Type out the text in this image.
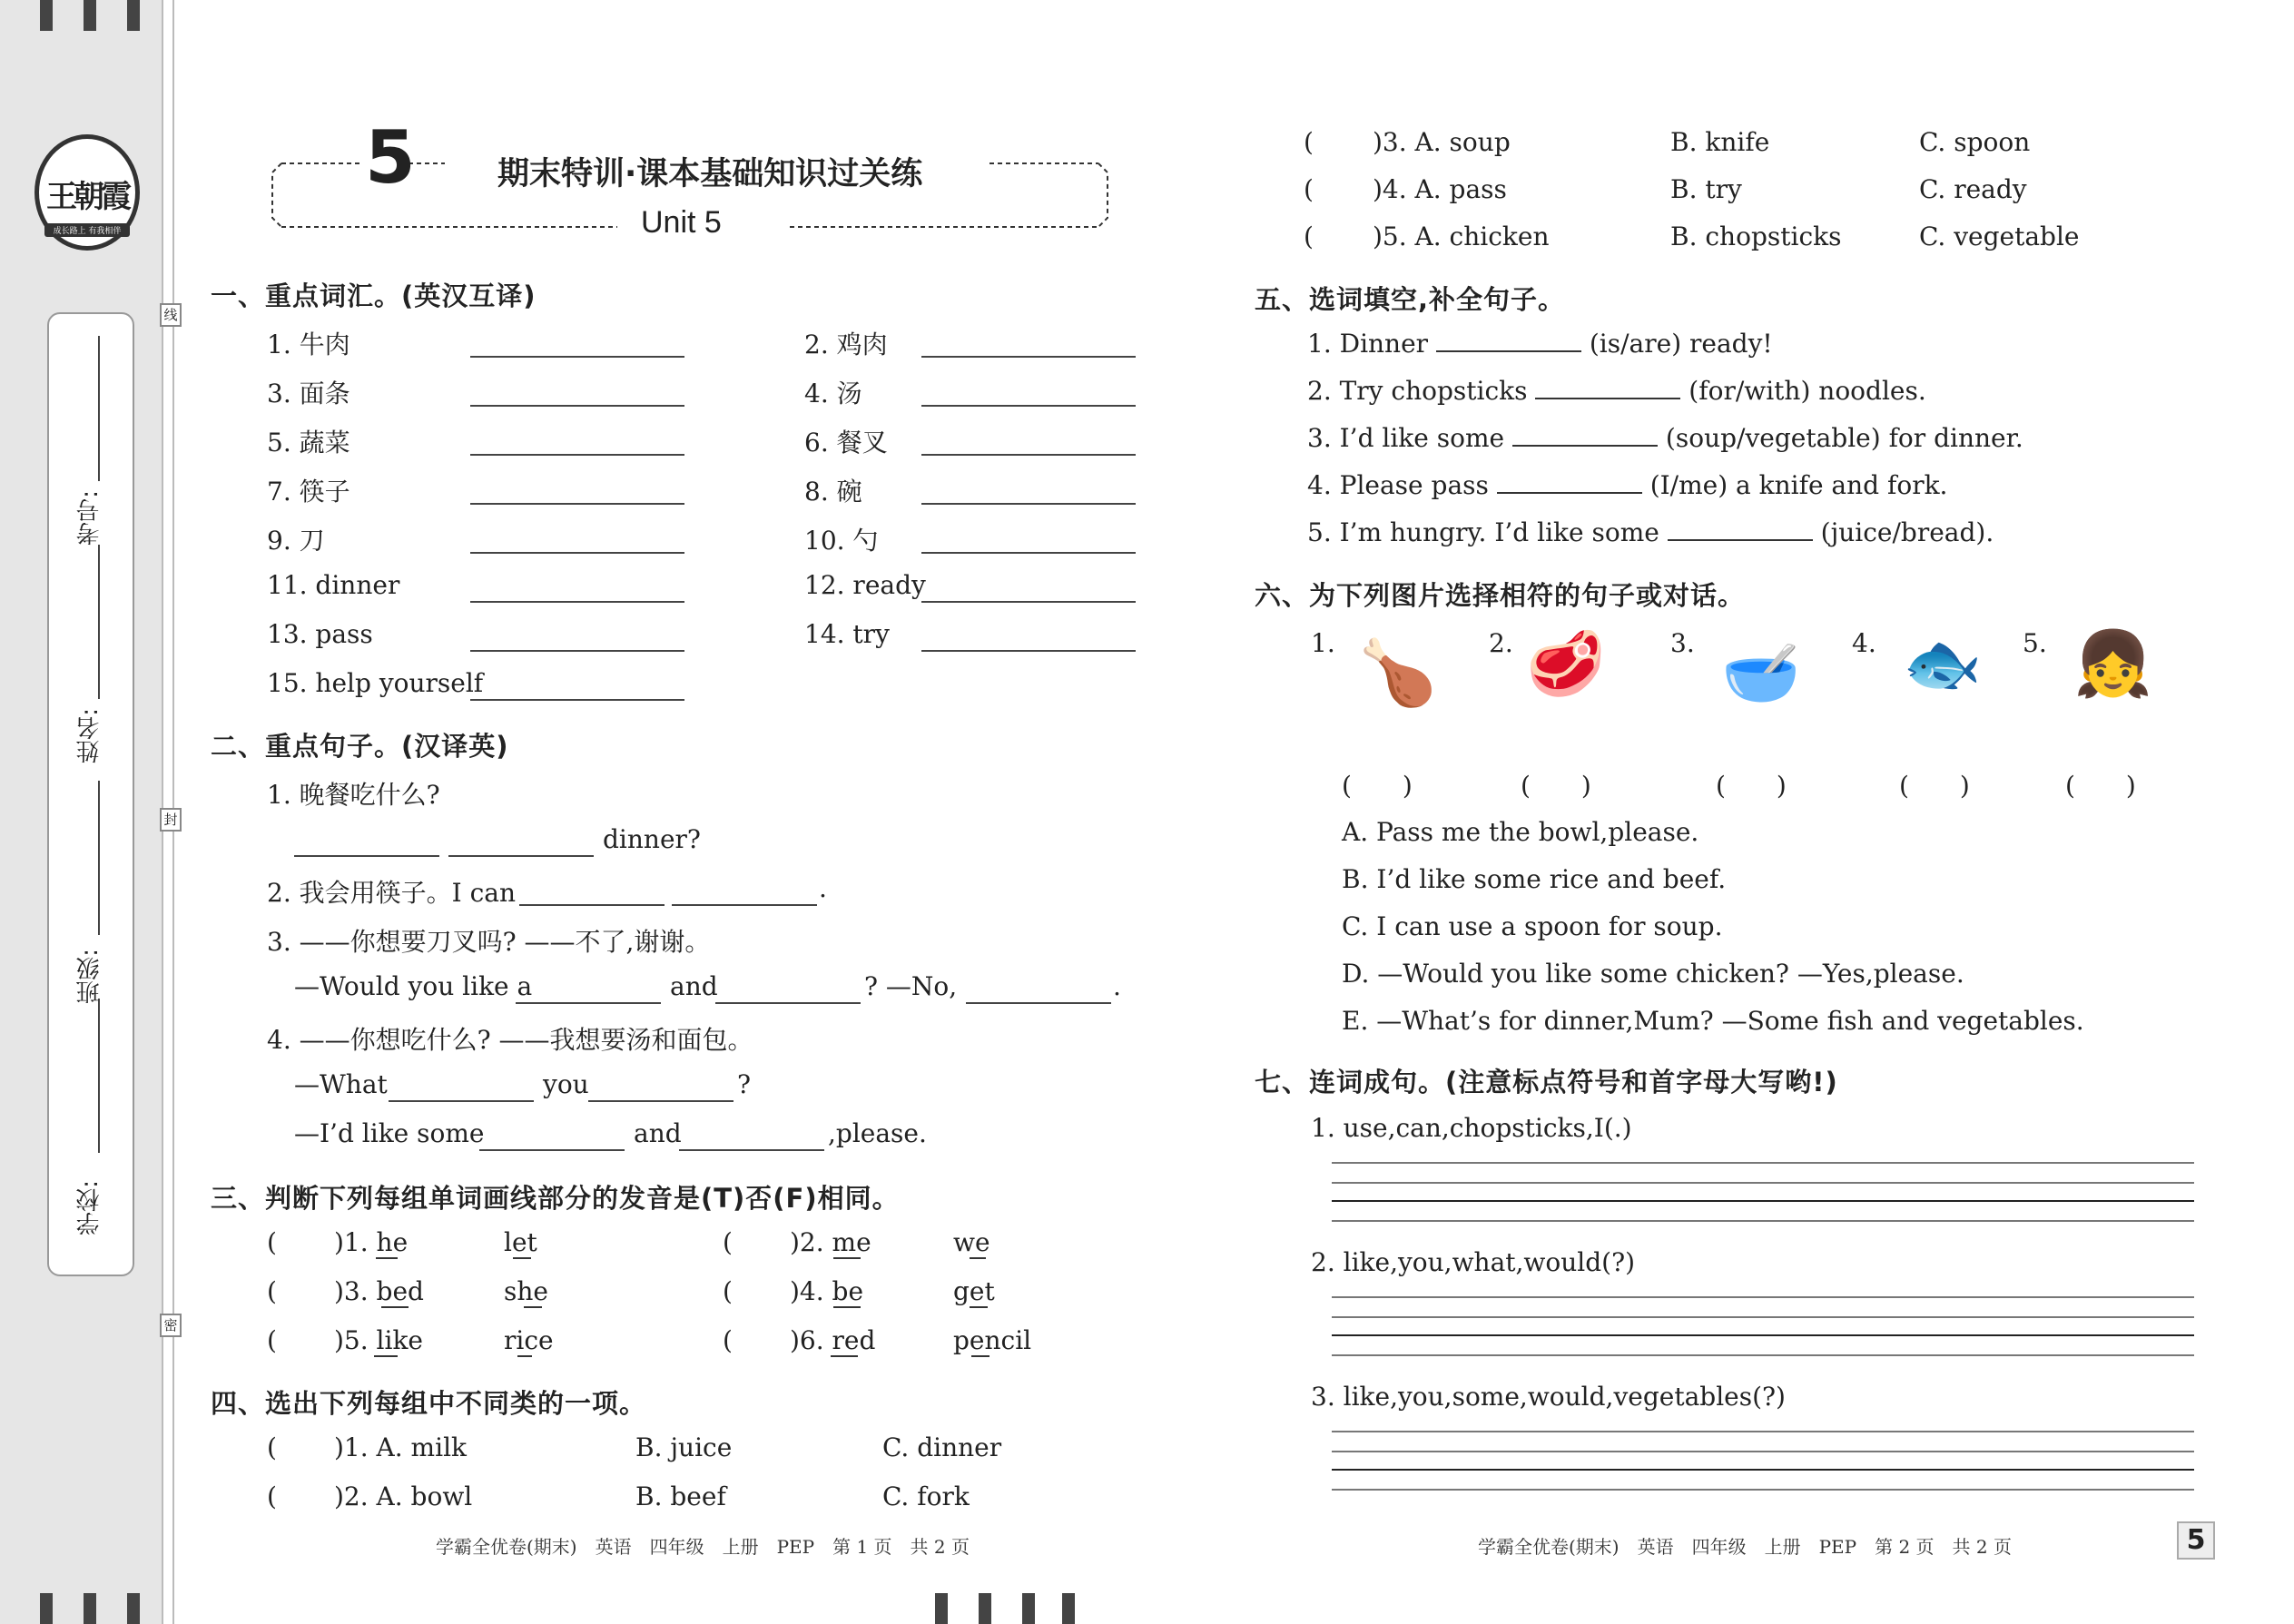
王朝霞
成长路上 有我相伴
学校:
班级:
姓名:
考号:
线
封
密
5	期末特训·课本基础知识过关练
Unit 5
一、重点词汇。(英汉互译)
1. 牛肉	2. 鸡肉
3. 面条	4. 汤
5. 蔬菜	6. 餐叉
7. 筷子	8. 碗
9. 刀	10. 勺
11. dinner	12. ready
13. pass	14. try
15. help yourself
二、重点句子。(汉译英)
1. 晚餐吃什么?
dinner?
2. 我会用筷子。I can	.
3. ——你想要刀叉吗? ——不了,谢谢。
—Would you like a	and	? —No,	.
4. ——你想吃什么? ——我想要汤和面包。
—What	you	?
—I’d like some	and	,please.
三、判断下列每组单词画线部分的发音是(T)否(F)相同。
( )1. he	let	( )2. me	we
( )3. bed	she	( )4. be	get
( )5. like	rice	( )6. red	pencil
四、选出下列每组中不同类的一项。
( )1. A. milk	B. juice	C. dinner
( )2. A. bowl	B. beef	C. fork
( )3. A. soup	B. knife	C. spoon
( )4. A. pass	B. try	C. ready
( )5. A. chicken	B. chopsticks	C. vegetable
五、选词填空,补全句子。
1. Dinner	(is/are) ready!
2. Try chopsticks	(for/with) noodles.
3. I’d like some	(soup/vegetable) for dinner.
4. Please pass	(I/me) a knife and fork.
5. I’m hungry. I’d like some	(juice/bread).
六、为下列图片选择相符的句子或对话。
1. 🍗	2. 🥩	3. 🥣	4. 🐟	5. 👧
(　　)	(　　)	(　　)	(　　)	(　　)
A. Pass me the bowl,please.
B. I’d like some rice and beef.
C. I can use a spoon for soup.
D. —Would you like some chicken? —Yes,please.
E. —What’s for dinner,Mum? —Some fish and vegetables.
七、连词成句。(注意标点符号和首字母大写哟!)
1. use,can,chopsticks,I(.)
2. like,you,what,would(?)
3. like,you,some,would,vegetables(?)
学霸全优卷(期末)　英语　四年级　上册　PEP　第 1 页　共 2 页	学霸全优卷(期末)　英语　四年级　上册　PEP　第 2 页　共 2 页	5
